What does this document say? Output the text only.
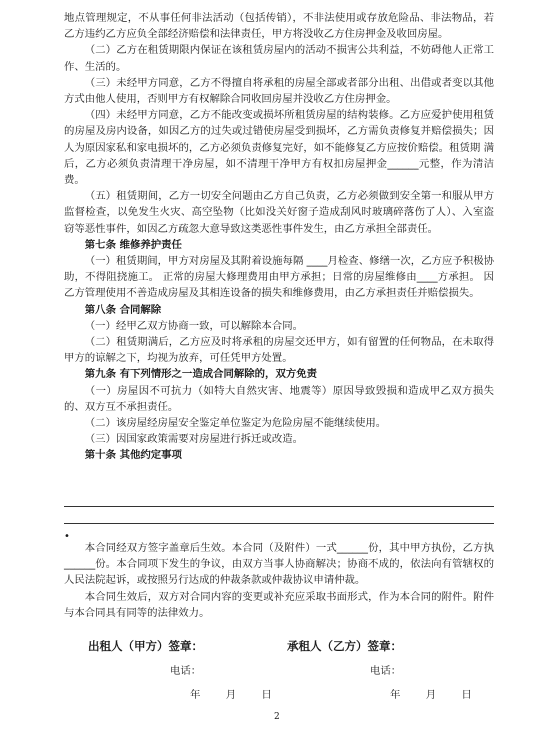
地点管理规定，不从事任何非法活动（包括传销），不非法使用或存放危险品、非法物品，若乙方违约乙方应负全部经济赔偿和法律责任，甲方将没收乙方住房押金及收回房屋。

（二）乙方在租赁期限内保证在该租赁房屋内的活动不损害公共利益，不妨碍他人正常工作、生活的。

（三）未经甲方同意，乙方不得擅自将承租的房屋全部或者部分出租、出借或者变以其他方式由他人使用，否则甲方有权解除合同收回房屋并没收乙方住房押金。

（四）未经甲方同意，乙方不能改变或损坏所租赁房屋的结构装修。乙方应爱护使用租赁的房屋及房内设备，如因乙方的过失或过错使房屋受到损坏，乙方需负责修复并赔偿损失；因人为原因家私和家电损坏的，乙方必须负责修复完好，如不能修复乙方应按价赔偿。租赁期 满后，乙方必须负责清理干净房屋，如不清理干净甲方有权扣房屋押金______元整，作为清洁费。

（五）租赁期间，乙方一切安全问题由乙方自己负责，乙方必须做到安全第一和服从甲方监督检查，以免发生火灾、高空坠物（比如没关好窗子造成刮风时玻璃碎落伤了人）、入室盗窃等恶性事件，如因乙方疏忽大意导致这类恶性事件发生，由乙方承担全部责任。

第七条 维修养护责任

（一）租赁期间，甲方对房屋及其附着设施每隔 ____月检查、修缮一次，乙方应予积极协助，不得阻挠施工。 正常的房屋大修理费用由甲方承担；日常的房屋维修由____方承担。 因乙方管理使用不善造成房屋及其相连设备的损失和维修费用，由乙方承担责任并赔偿损失。

第八条 合同解除

（一）经甲乙双方协商一致，可以解除本合同。

（二）租赁期满后，乙方应及时将承租的房屋交还甲方，如有留置的任何物品，在未取得甲方的谅解之下，均视为放弃，可任凭甲方处置。

第九条 有下列情形之一造成合同解除的，双方免责

（一）房屋因不可抗力（如特大自然灾害、地震等）原因导致毁损和造成甲乙双方损失的、双方互不承担责任。

（二）该房屋经房屋安全鉴定单位鉴定为危险房屋不能继续使用。

（三）因国家政策需要对房屋进行拆迁或改造。

第十条 其他约定事项

•

本合同经双方签字盖章后生效。本合同（及附件）一式______份，其中甲方执份，乙方执______份。本合同项下发生的争议，由双方当事人协商解决；协商不成的，依法向有管辖权的人民法院起诉，或按照另行达成的仲裁条款或仲裁协议申请仲裁。

本合同生效后，双方对合同内容的变更或补充应采取书面形式，作为本合同的附件。附件与本合同具有同等的法律效力。

出租人（甲方）签章：	承租人（乙方）签章：
电话：	电话：
年 月 日	年 月 日
2
